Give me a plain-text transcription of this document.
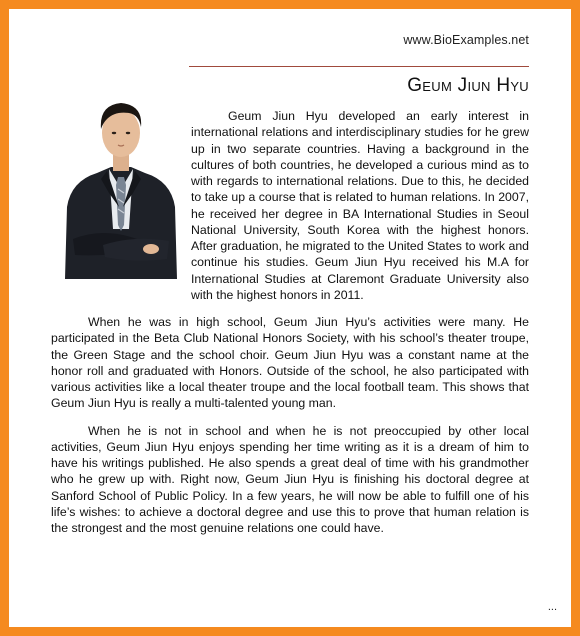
www.BioExamples.net
Geum Jiun Hyu

Geum Jiun Hyu developed an early interest in international relations and interdisciplinary studies for he grew up in two separate countries. Having a background in the cultures of both countries, he developed a curious mind as to with regards to international relations. Due to this, he decided to take up a course that is related to human relations. In 2007, he received her degree in BA International Studies in Seoul National University, South Korea with the highest honors. After graduation, he migrated to the United States to work and continue his studies. Geum Jiun Hyu received his M.A for International Studies at Claremont Graduate University also with the highest honors in 2011.

When he was in high school, Geum Jiun Hyu’s activities were many. He participated in the Beta Club National Honors Society, with his school’s theater troupe, the Green Stage and the school choir. Geum Jiun Hyu was a constant name at the honor roll and graduated with Honors. Outside of the school, he also participated with various activities like a local theater troupe and the local football team. This shows that Geum Jiun Hyu is really a multi-talented young man.

When he is not in school and when he is not preoccupied by other local activities, Geum Jiun Hyu enjoys spending her time writing as it is a dream of him to have his writings published. He also spends a great deal of time with his grandmother who he grew up with. Right now, Geum Jiun Hyu is finishing his doctoral degree at Sanford School of Public Policy. In a few years, he will now be able to fulfill one of his life’s wishes: to achieve a doctoral degree and use this to prove that human relation is the strongest and the most genuine relations one could have.

...
